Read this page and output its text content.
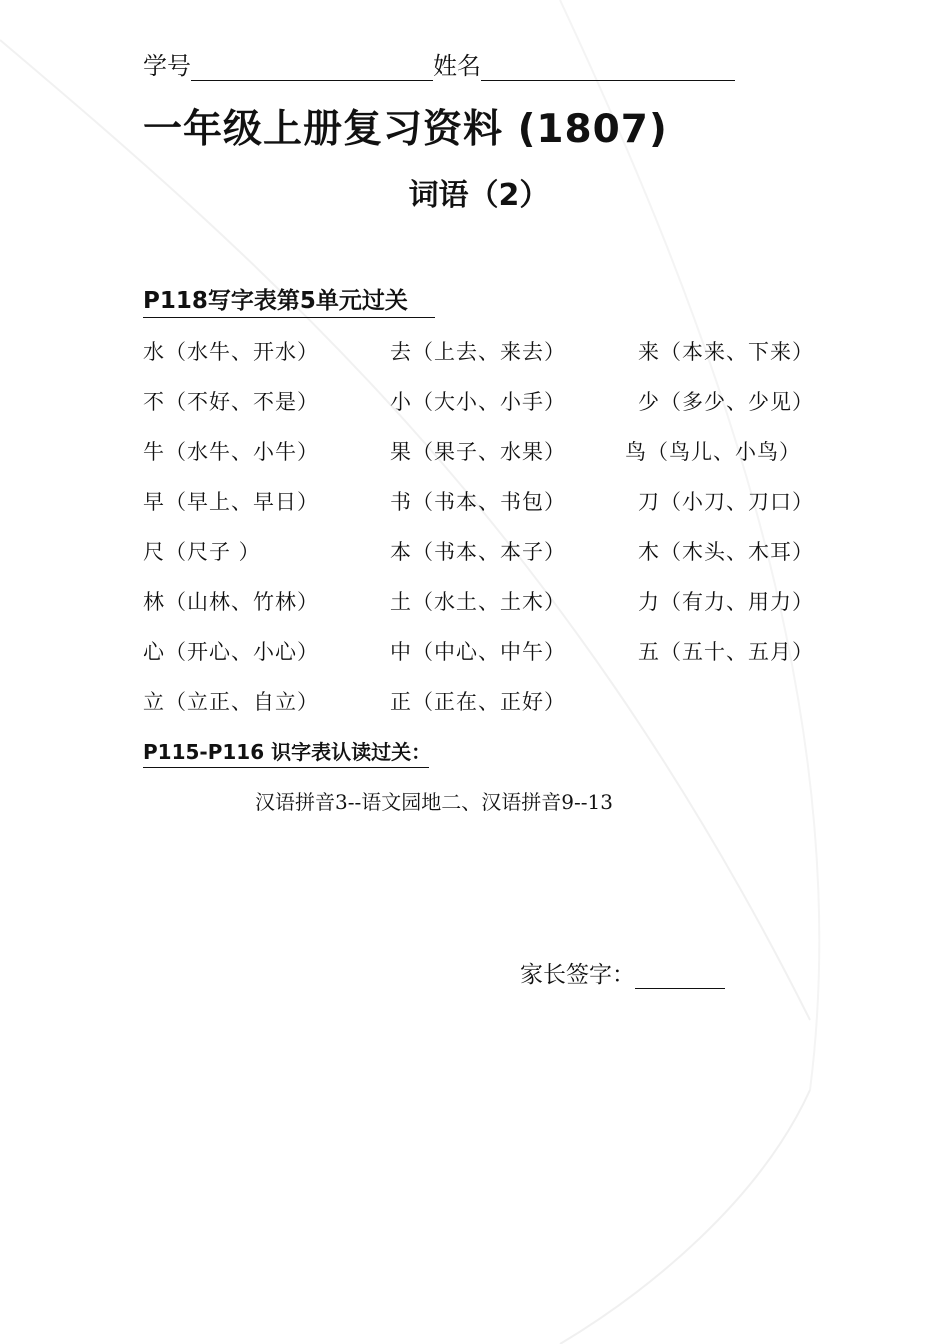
学号	姓名
一年级上册复习资料 (1807)
词语（2）
P118写字表第5单元过关
水（水牛、开水）	去（上去、来去）	来（本来、下来）
不（不好、不是）	小（大小、小手）	少（多少、少见）
牛（水牛、小牛）	果（果子、水果）	鸟（鸟儿、小鸟）
早（早上、早日）	书（书本、书包）	刀（小刀、刀口）
尺（尺子 ）	本（书本、本子）	木（木头、木耳）
林（山林、竹林）	土（水土、土木）	力（有力、用力）
心（开心、小心）	中（中心、中午）	五（五十、五月）
立（立正、自立）	正（正在、正好）
P115-P116 识字表认读过关：
汉语拼音3--语文园地二、汉语拼音9--13
家长签字：
